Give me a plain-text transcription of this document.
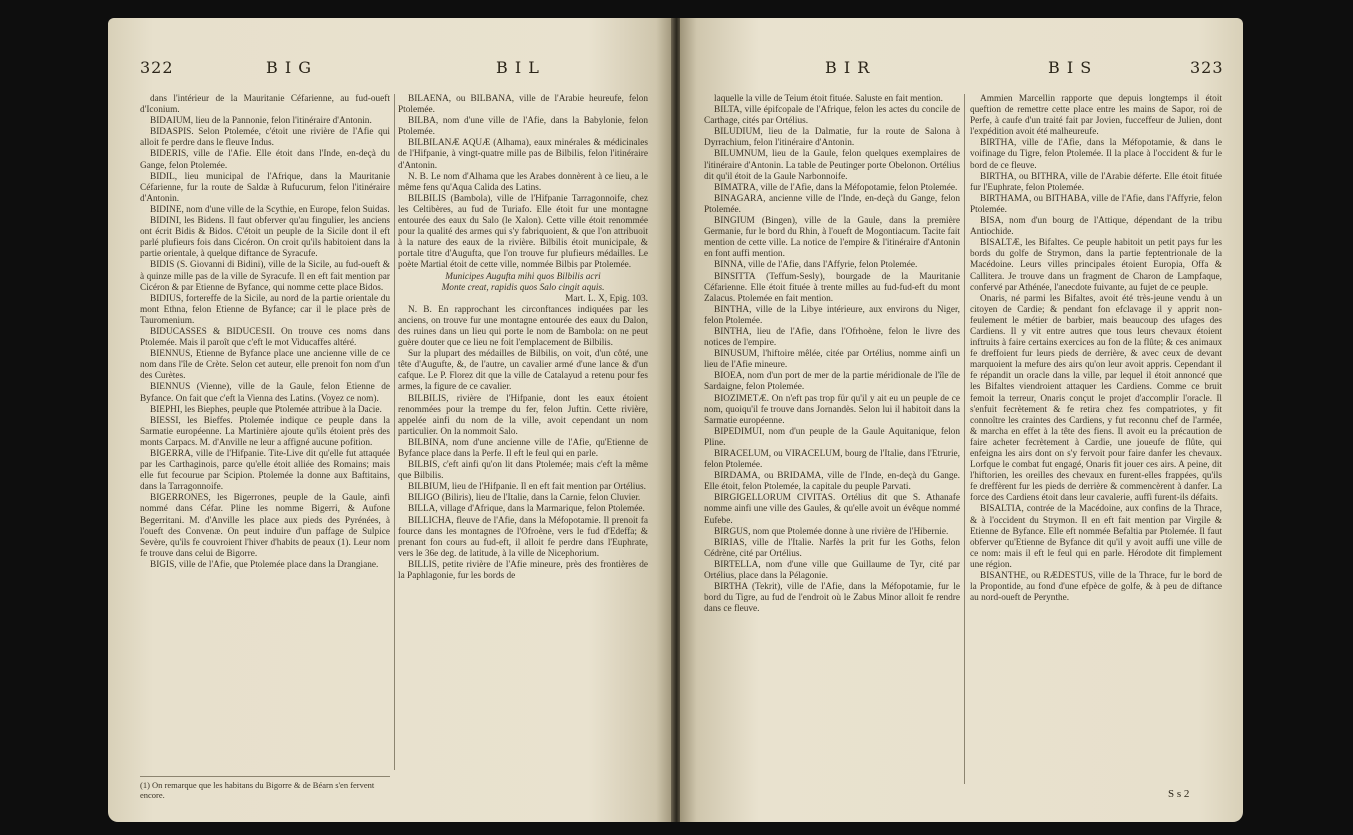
322	B I G	B I L

dans l'intérieur de la Mauritanie Céfarienne, au fud-oueft d'Iconium.

BIDAIUM, lieu de la Pannonie, felon l'itinéraire d'Antonin.

BIDASPIS. Selon Ptolemée, c'étoit une rivière de l'Afie qui alloit fe perdre dans le fleuve Indus.

BIDERIS, ville de l'Afie. Elle étoit dans l'Inde, en-deçà du Gange, felon Ptolemée.

BIDIL, lieu municipal de l'Afrique, dans la Mauritanie Céfarienne, fur la route de Saldæ à Rufucurum, felon l'itinéraire d'Antonin.

BIDINE, nom d'une ville de la Scythie, en Europe, felon Suidas.

BIDINI, les Bidens. Il faut obferver qu'au fingulier, les anciens ont écrit Bidis & Bidos. C'étoit un peuple de la Sicile dont il eft parlé plufieurs fois dans Cicéron. On croit qu'ils habitoient dans la partie orientale, à quelque diftance de Syracufe.

BIDIS (S. Giovanni di Bidini), ville de la Sicile, au fud-oueft & à quinze mille pas de la ville de Syracufe. Il en eft fait mention par Cicéron & par Etienne de Byfance, qui nomme cette place Bidos.

BIDIUS, fortereffe de la Sicile, au nord de la partie orientale du mont Ethna, felon Etienne de Byfance; car il le place près de Tauromenium.

BIDUCASSES & BIDUCESII. On trouve ces noms dans Ptolemée. Mais il paroît que c'eft le mot Viducaffes altéré.

BIENNUS, Etienne de Byfance place une ancienne ville de ce nom dans l'île de Crète. Selon cet auteur, elle prenoit fon nom d'un des Curètes.

BIENNUS (Vienne), ville de la Gaule, felon Etienne de Byfance. On fait que c'eft la Vienna des Latins. (Voyez ce nom).

BIEPHI, les Biephes, peuple que Ptolemée attribue à la Dacie.

BIESSI, les Bieffes. Ptolemée indique ce peuple dans la Sarmatie européenne. La Martinière ajoute qu'ils étoient près des monts Carpacs. M. d'Anville ne leur a affigné aucune pofition.

BIGERRA, ville de l'Hifpanie. Tite-Live dit qu'elle fut attaquée par les Carthaginois, parce qu'elle étoit alliée des Romains; mais elle fut fecourue par Scipion. Ptolemée la donne aux Baftitains, dans la Tarragonnoife.

BIGERRONES, les Bigerrones, peuple de la Gaule, ainfi nommé dans Céfar. Pline les nomme Bigerri, & Aufone Begerritani. M. d'Anville les place aux pieds des Pyrénées, à l'oueft des Convenæ. On peut induire d'un paffage de Sulpice Sevère, qu'ils fe couvroient l'hiver d'habits de peaux (1). Leur nom fe trouve dans celui de Bigorre.

BIGIS, ville de l'Afie, que Ptolemée place dans la Drangiane.

(1) On remarque que les habitans du Bigorre & de Béarn s'en fervent encore.

BILAENA, ou BILBANA, ville de l'Arabie heureufe, felon Ptolemée.

BILBA, nom d'une ville de l'Afie, dans la Babylonie, felon Ptolemée.

BILBILANÆ AQUÆ (Alhama), eaux minérales & médicinales de l'Hifpanie, à vingt-quatre mille pas de Bilbilis, felon l'itinéraire d'Antonin.

N. B. Le nom d'Alhama que les Arabes donnèrent à ce lieu, a le même fens qu'Aqua Calida des Latins.

BILBILIS (Bambola), ville de l'Hifpanie Tarragonnoife, chez les Celtibères, au fud de Turiafo. Elle étoit fur une montagne entourée des eaux du Salo (le Xalon). Cette ville étoit renommée pour la qualité des armes qui s'y fabriquoient, & que l'on attribuoit à la nature des eaux de la rivière. Bilbilis étoit municipale, & portale titre d'Augufta, que l'on trouve fur plufieurs médailles. Le poète Martial étoit de cette ville, nommée Bilbis par Ptolemée.

Municipes Augufta mihi quos Bilbilis acri

Monte creat, rapidis quos Salo cingit aquis.

Mart. L. X, Epig. 103.

N. B. En rapprochant les circonftances indiquées par les anciens, on trouve fur une montagne entourée des eaux du Dalon, des ruines dans un lieu qui porte le nom de Bambola: on ne peut guère douter que ce lieu ne foit l'emplacement de Bilbilis.

Sur la plupart des médailles de Bilbilis, on voit, d'un côté, une tête d'Augufte, &, de l'autre, un cavalier armé d'une lance & d'un cafque. Le P. Florez dit que la ville de Catalayud a retenu pour fes armes, la figure de ce cavalier.

BILBILIS, rivière de l'Hifpanie, dont les eaux étoient renommées pour la trempe du fer, felon Juftin. Cette rivière, appelée ainfi du nom de la ville, avoit cependant un nom particulier. On la nommoit Salo.

BILBINA, nom d'une ancienne ville de l'Afie, qu'Etienne de Byfance place dans la Perfe. Il eft le feul qui en parle.

BILBIS, c'eft ainfi qu'on lit dans Ptolemée; mais c'eft la même que Bilbilis.

BILBIUM, lieu de l'Hifpanie. Il en eft fait mention par Ortélius.

BILIGO (Biliris), lieu de l'Italie, dans la Carnie, felon Cluvier.

BILLA, village d'Afrique, dans la Marmarique, felon Ptolemée.

BILLICHA, fleuve de l'Afie, dans la Méfopotamie. Il prenoit fa fource dans les montagnes de l'Ofroène, vers le fud d'Edeffa; & prenant fon cours au fud-eft, il alloit fe perdre dans l'Euphrate, vers le 36e deg. de latitude, à la ville de Nicephorium.

BILLIS, petite rivière de l'Afie mineure, près des frontières de la Paphlagonie, fur les bords de

B I R	B I S	323

laquelle la ville de Teium étoit fituée. Saluste en fait mention.

BILTA, ville épifcopale de l'Afrique, felon les actes du concile de Carthage, cités par Ortélius.

BILUDIUM, lieu de la Dalmatie, fur la route de Salona à Dyrrachium, felon l'itinéraire d'Antonin.

BILUMNUM, lieu de la Gaule, felon quelques exemplaires de l'itinéraire d'Antonin. La table de Peutinger porte Obelonon. Ortélius dit qu'il étoit de la Gaule Narbonnoife.

BIMATRA, ville de l'Afie, dans la Méfopotamie, felon Ptolemée.

BINAGARA, ancienne ville de l'Inde, en-deçà du Gange, felon Ptolemée.

BINGIUM (Bingen), ville de la Gaule, dans la première Germanie, fur le bord du Rhin, à l'oueft de Mogontiacum. Tacite fait mention de cette ville. La notice de l'empire & l'itinéraire d'Antonin en font auffi mention.

BINNA, ville de l'Afie, dans l'Affyrie, felon Ptolemée.

BINSITTA (Teffum-Sesly), bourgade de la Mauritanie Céfarienne. Elle étoit fituée à trente milles au fud-fud-eft du mont Zalacus. Ptolemée en fait mention.

BINTHA, ville de la Libye intérieure, aux environs du Niger, felon Ptolemée.

BINTHA, lieu de l'Afie, dans l'Ofrhoène, felon le livre des notices de l'empire.

BINUSUM, l'hiftoire mêlée, citée par Ortélius, nomme ainfi un lieu de l'Afie mineure.

BIOEA, nom d'un port de mer de la partie méridionale de l'île de Sardaigne, felon Ptolemée.

BIOZIMETÆ. On n'eft pas trop für qu'il y ait eu un peuple de ce nom, quoiqu'il fe trouve dans Jornandès. Selon lui il habitoit dans la Sarmatie européenne.

BIPEDIMUI, nom d'un peuple de la Gaule Aquitanique, felon Pline.

BIRACELUM, ou VIRACELUM, bourg de l'Italie, dans l'Etrurie, felon Ptolemée.

BIRDAMA, ou BRIDAMA, ville de l'Inde, en-deçà du Gange. Elle étoit, felon Ptolemée, la capitale du peuple Parvati.

BIRGIGELLORUM CIVITAS. Ortélius dit que S. Athanafe nomme ainfi une ville des Gaules, & qu'elle avoit un évêque nommé Eufebe.

BIRGUS, nom que Ptolemée donne à une rivière de l'Hibernie.

BIRIAS, ville de l'Italie. Narfès la prit fur les Goths, felon Cédrène, cité par Ortélius.

BIRTELLA, nom d'une ville que Guillaume de Tyr, cité par Ortélius, place dans la Pélagonie.

BIRTHA (Tekrit), ville de l'Afie, dans la Méfopotamie, fur le bord du Tigre, au fud de l'endroit où le Zabus Minor alloit fe rendre dans ce fleuve.

Ammien Marcellin rapporte que depuis longtemps il étoit queftion de remettre cette place entre les mains de Sapor, roi de Perfe, à caufe d'un traité fait par Jovien, fucceffeur de Julien, dont l'expédition avoit été malheureufe.

BIRTHA, ville de l'Afie, dans la Méfopotamie, & dans le voifinage du Tigre, felon Ptolemée. Il la place à l'occident & fur le bord de ce fleuve.

BIRTHA, ou BITHRA, ville de l'Arabie déferte. Elle étoit fituée fur l'Euphrate, felon Ptolemée.

BIRTHAMA, ou BITHABA, ville de l'Afie, dans l'Affyrie, felon Ptolemée.

BISA, nom d'un bourg de l'Attique, dépendant de la tribu Antiochide.

BISALTÆ, les Bifaltes. Ce peuple habitoit un petit pays fur les bords du golfe de Strymon, dans la partie feptentrionale de la Macédoine. Leurs villes principales étoient Europia, Offa & Callitera. Je trouve dans un fragment de Charon de Lampfaque, confervé par Athénée, l'anecdote fuivante, au fujet de ce peuple.

Onaris, né parmi les Bifaltes, avoit été très-jeune vendu à un citoyen de Cardie; & pendant fon efclavage il y apprit non-feulement le métier de barbier, mais beaucoup des ufages des Cardiens. Il y vit entre autres que tous leurs chevaux étoient inftruits à faire certains exercices au fon de la flûte; & ces animaux fe dreffoient fur leurs pieds de derrière, & avec ceux de devant marquoient la mefure des airs qu'on leur avoit appris. Cependant il fe répandit un oracle dans la ville, par lequel il étoit annoncé que les Bifaltes viendroient attaquer les Cardiens. Comme ce bruit femoit la terreur, Onaris conçut le projet d'accomplir l'oracle. Il s'enfuit fecrètement & fe retira chez fes compatriotes, y fit connoître les craintes des Cardiens, y fut reconnu chef de l'armée, & marcha en effet à la tête des fiens. Il avoit eu la précaution de faire acheter fecrètement à Cardie, une joueufe de flûte, qui enfeigna les airs dont on s'y fervoit pour faire danfer les chevaux. Lorfque le combat fut engagé, Onaris fit jouer ces airs. A peine, dit l'hiftorien, les oreilles des chevaux en furent-elles frappées, qu'ils fe dreffèrent fur les pieds de derrière & commencèrent à danfer. La force des Cardiens étoit dans leur cavalerie, auffi furent-ils défaits.

BISALTIA, contrée de la Macédoine, aux confins de la Thrace, & à l'occident du Strymon. Il en eft fait mention par Virgile & Etienne de Byfance. Elle eft nommée Befaltia par Ptolemée. Il faut obferver qu'Etienne de Byfance dit qu'il y avoit auffi une ville de ce nom: mais il eft le feul qui en parle. Hérodote dit fimplement une région.

BISANTHE, ou RÆDESTUS, ville de la Thrace, fur le bord de la Propontide, au fond d'une efpèce de golfe, & à peu de diftance au nord-oueft de Perynthe.

S s 2
